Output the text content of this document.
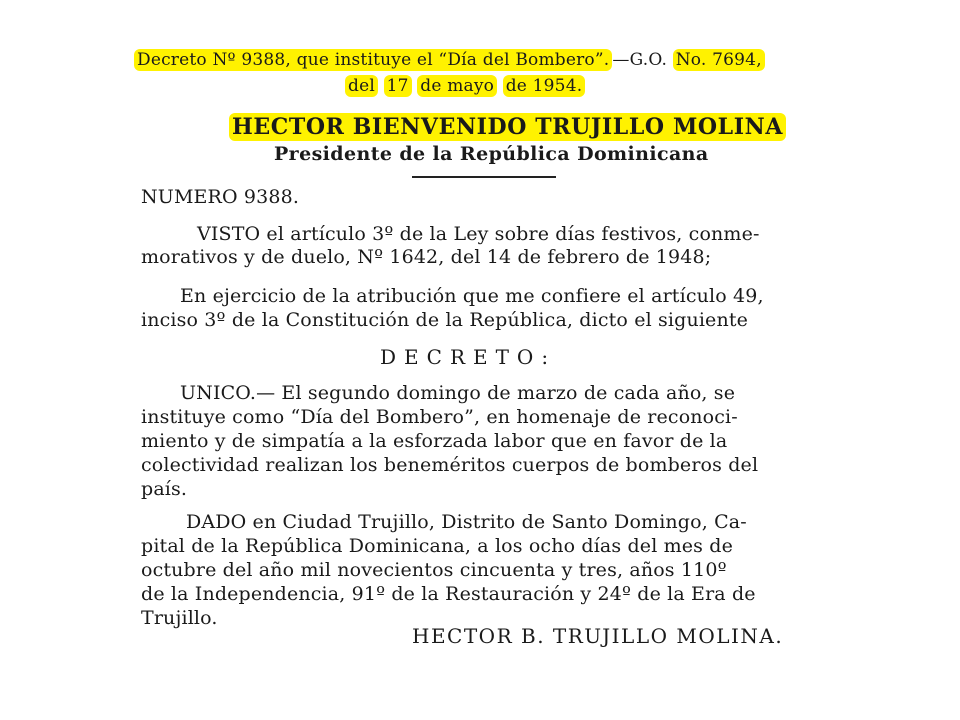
Decreto Nº 9388, que instituye el “Día del Bombero”. —G.O. No. 7694,
del 17 de mayo de 1954.
HECTOR BIENVENIDO TRUJILLO MOLINA
Presidente de la República Dominicana
NUMERO 9388.
VISTO el artículo 3º de la Ley sobre días festivos, conme-
morativos y de duelo, Nº 1642, del 14 de febrero de 1948;
En ejercicio de la atribución que me confiere el artículo 49,
inciso 3º de la Constitución de la República, dicto el siguiente
DECRETO:
UNICO.— El segundo domingo de marzo de cada año, se
instituye como “Día del Bombero”, en homenaje de reconoci-
miento y de simpatía a la esforzada labor que en favor de la
colectividad realizan los beneméritos cuerpos de bomberos del
país.
DADO en Ciudad Trujillo, Distrito de Santo Domingo, Ca-
pital de la República Dominicana, a los ocho días del mes de
octubre del año mil novecientos cincuenta y tres, años 110º
de la Independencia, 91º de la Restauración y 24º de la Era de
Trujillo.
HECTOR B. TRUJILLO MOLINA.
